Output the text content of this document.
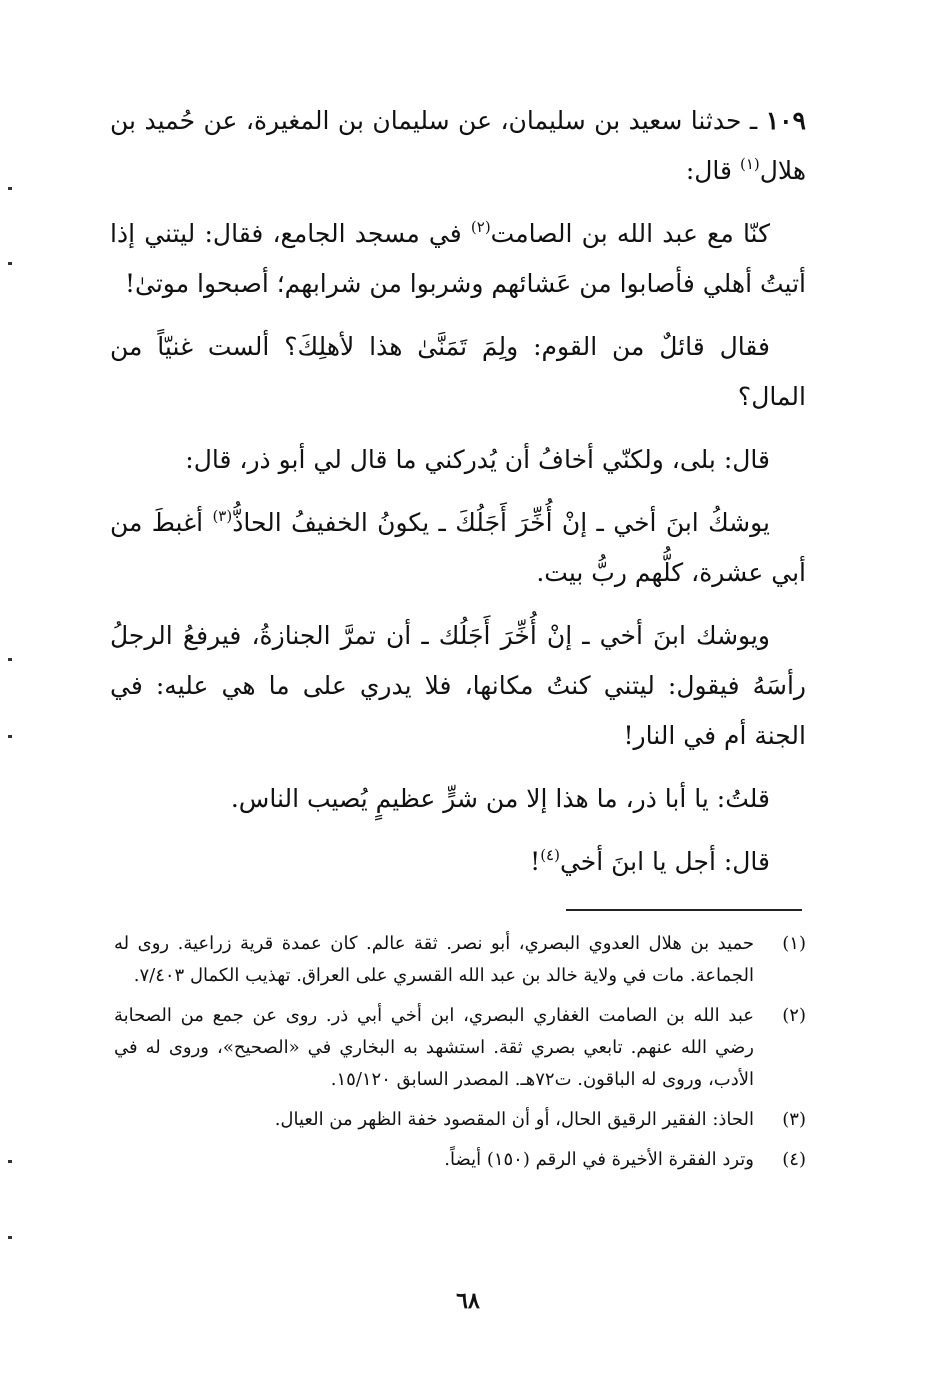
١٠٩ ـ حدثنا سعيد بن سليمان، عن سليمان بن المغيرة، عن حُميد بن هلال$^{(١)}$ قال:

كنّا مع عبد الله بن الصامت$^{(٢)}$ في مسجد الجامع، فقال: ليتني إذا أتيتُ أهلي فأصابوا من عَشائهم وشربوا من شرابهم؛ أصبحوا موتىٰ!

فقال قائلٌ من القوم: ولِمَ تَمَنَّىٰ هذا لأهلِكَ؟ ألست غنيّاً من المال؟

قال: بلى، ولكنّي أخافُ أن يُدركني ما قال لي أبو ذر، قال:

يوشكُ ابنَ أخي ـ إنْ أُخِّرَ أَجَلُكَ ـ يكونُ الخفيفُ الحاذُّ$^{(٣)}$ أغبطَ من أبي عشرة، كلُّهم ربُّ بيت.

ويوشك ابنَ أخي ـ إنْ أُخِّرَ أَجَلُك ـ أن تمرَّ الجنازةُ، فيرفعُ الرجلُ رأسَهُ فيقول: ليتني كنتُ مكانها، فلا يدري على ما هي عليه: في الجنة أم في النار!

قلتُ: يا أبا ذر، ما هذا إلا من شرٍّ عظيمٍ يُصيب الناس.

قال: أجل يا ابنَ أخي$^{(٤)}$!

(١)
حميد بن هلال العدوي البصري، أبو نصر. ثقة عالم. كان عمدة قرية زراعية. روى له الجماعة. مات في ولاية خالد بن عبد الله القسري على العراق. تهذيب الكمال ٧/٤٠٣.
(٢)
عبد الله بن الصامت الغفاري البصري، ابن أخي أبي ذر. روى عن جمع من الصحابة رضي الله عنهم. تابعي بصري ثقة. استشهد به البخاري في «الصحيح»، وروى له في الأدب، وروى له الباقون. ت٧٢هـ. المصدر السابق ١٥/١٢٠.
(٣)
الحاذ: الفقير الرقيق الحال، أو أن المقصود خفة الظهر من العيال.
(٤)
وترد الفقرة الأخيرة في الرقم (١٥٠) أيضاً.
٦٨
